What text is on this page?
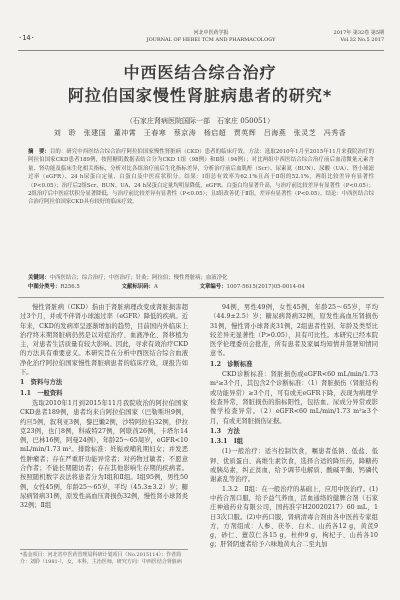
·14·
河北中医药学报
JOURNAL OF HEBEI TCM AND PHARMACOLOGY
2017年 第32卷 第5期
Vol.32 No.5 2017
中西医结合综合治疗
阿拉伯国家慢性肾脏病患者的研究*
（石家庄肾病医院国际一部　石家庄 050051）
刘　聆　张建国　董冲霄　王春寒　蔡京涛　杨启超　贾英辉　吕海燕　张灵芝　冯秀香
摘　要：目的：研究中西医结合综合治疗阿拉伯国家慢性肾脏病（CKD）患者的临床疗效。方法：选取2010年1月至2015年11月来我院治疗的阿拉伯国家CKD患者189例，按照糖肌数据表结合分为CKD 1组（98例）和Ⅱ组（94例）；对比两组中西医结合综合治疗前后血清微量元素含量、肾功能及临床生化相关指标，分析对比各组治疗前后生化指标差异，分析治疗前后血肌酐（Scr）、尿素氮（BUN）、尿酸（UA）、肾小球滤过率（eGFR）、24 h尿蛋白定量、白蛋白及中医症状积分。结果：Ⅰ组总有效率为62.1%且高于Ⅱ组的52.1%，两组比较差异有显著性（P<0.05）；治疗后2组Scr、BUN、UA、24 h尿蛋白定量均明显降低，eGFR、白蛋白均显著升高，与治疗前比较差异有显著性（P<0.05）；2组治疗后中医症状积分显著降低，与治疗前比较差异有显著性（P<0.05）；且Ⅰ组改善优于Ⅱ组，差异有显著性（P<0.05）。结论：中西医结合综合治疗阿拉伯国家CKD具有较好的临床疗效。
关键词：中西医结合；综合治疗；中医治疗；针灸；阿拉伯；慢性肾脏病；血液净化
中图分类号：R256.5	文献标识码：A	文章编号：1007-5615(2017)05-0014-04

慢性肾脏病（CKD）指由于肾脏病理改变或肾脏损害超过3个月，并或不伴肾小球滤过率（eGFR）降低的疾病。近年来，CKD的发病率呈逐渐增加的趋势，目前国内外临床上治疗终末期肾脏病仍然是以对症治疗、血液净化、肾移植为主，对患者生活质量有较大影响。因此，寻求有效治疗CKD的方法具有重要意义。本研究旨在分析中西医结合综合血液净化治疗阿拉伯国家慢性肾脏病患者的临床疗效，现报告如下。

1　资料与方法

1.1　一般资料

选取2010年1月到2015年11月我院收治的阿拉伯国家CKD患者189例，患者均来自阿拉伯国家（巴勒斯坦9例，约旦5例，叙利亚3例，黎巴嫩2例，沙特阿拉伯32例，伊拉克23例，也门8例，科威特27例，阿联酋26例，卡塔尔14例，巴林16例，阿曼24例），年龄25～65周岁，eGFR<10 mL/min/1.73 m²。排除标准：妊娠或哺乳期妇女；并发恶性肿瘤者；存在严重肝功能异常者；对药物过敏者；不愿意合作者；不能长期随访者；存在其他影响生存期的疾病者。按照随机数字表法将患者分为Ⅰ组和Ⅱ组。Ⅰ组95例，男性50例，女性45例，年龄25～65岁，平均（45.3±3.2）岁；糖尿病肾病31例，原发性高血压肾损伤32例，慢性肾小球肾炎32例；Ⅱ组

94例，男性49例，女性45例，年龄25～65岁，平均（44.9±2.5）岁；糖尿病肾病32例，原发性高血压肾损伤31例，慢性肾小球肾炎31例，2组患者性别、年龄及类型比较差异无显著性（P>0.05），具有可比性。本研究已经本院医学伦理委员会批准，所有患者及家属均知情并签署知情同意书。

1.2　诊断标准

CKD诊断标准：肾脏损伤或eGFR<60 mL/min/1.73 m²≥3个月，其包含2个诊断标准：（1）肾脏损伤（肾脏结构或功能异常）≥3个月，可有或无eGFR下降，表现为病理学检查异常，肾脏损伤的指标阳性，包括血、尿成分异常或影像学检查异常。（2）eGFR<60 mL/min/1.73 m²≥3个月，有或无肾脏损伤证据。

1.3　方法

1.3.1　Ⅰ组

(1)一般治疗：适当控制饮食，嘱患者低钠、低盐、低钾、优质蛋白、高维生素饮食，选择合适的降压药，降糖药或胰岛素，纠正贫血，给予调节电解质、酸碱平衡、钙磷代谢紊乱等治疗。

1.3.2　Ⅱ组：在一般治疗的基础上，应用中医治疗。(1)中药合剂口服，给予益气养血，活血通络的健脾合剂（石家庄神通药业有限公司，国药准字H20020217）60 mL，1日3次口服。(2)中药口服，肾病清毒合剂由各中医药专家组方，方剂组成：人参、茯苓、白术、山药各12 g，黄芪9 g，砂仁、薏苡仁各15 g，杜仲9 g，枸杞子、山药各10 g；肝肾阴虚者给予六味地黄丸合二至丸加

*基金项目：河北省中医药管理局科研计划项目（No.2015114）；作者简介：刘聆（1981-），女，本科，主治医师，研究方向：中西医结合肾脏病
